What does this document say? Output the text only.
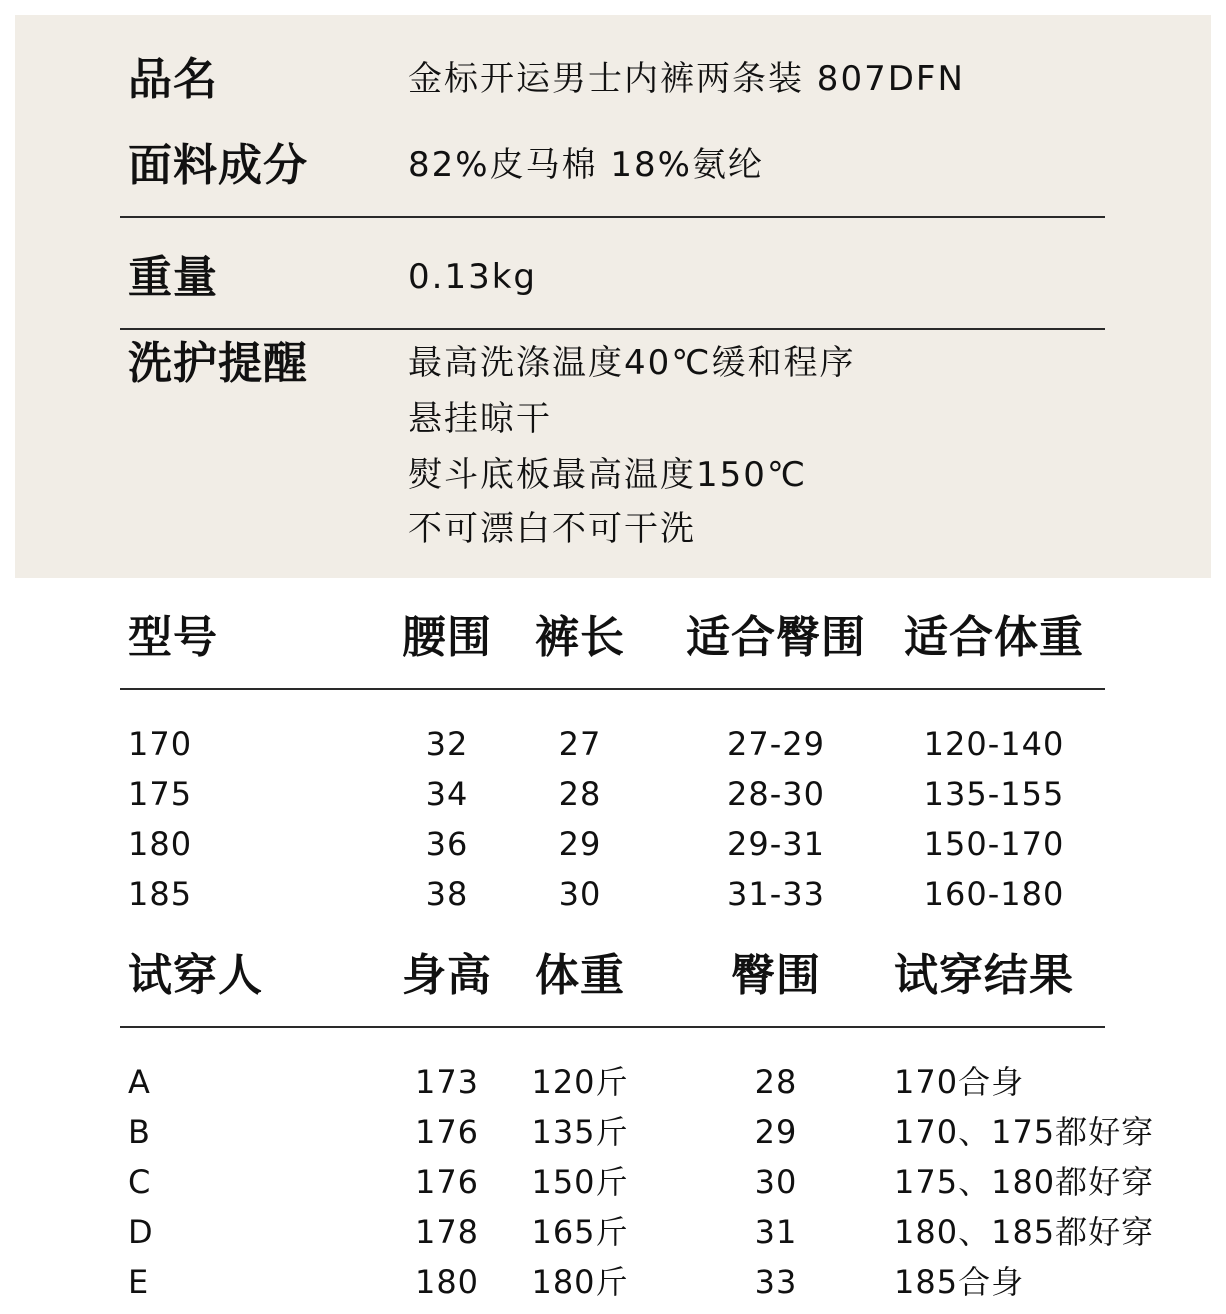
品名	金标开运男士内裤两条装 807DFN
面料成分	82%皮马棉 18%氨纶
重量	0.13kg
洗护提醒	最高洗涤温度40℃缓和程序
悬挂晾干
熨斗底板最高温度150℃
不可漂白不可干洗
型号	腰围 裤长 适合臀围 适合体重
170	32	27	27-29	120-140
175	34	28	28-30	135-155
180	36	29	29-31	150-170
185	38	30	31-33	160-180
试穿人	身高 体重 臀围 试穿结果
A	173 120斤	28	170合身
B	176 135斤	29	170、175都好穿
C	176 150斤	30	175、180都好穿
D	178 165斤	31	180、185都好穿
E	180 180斤	33	185合身
